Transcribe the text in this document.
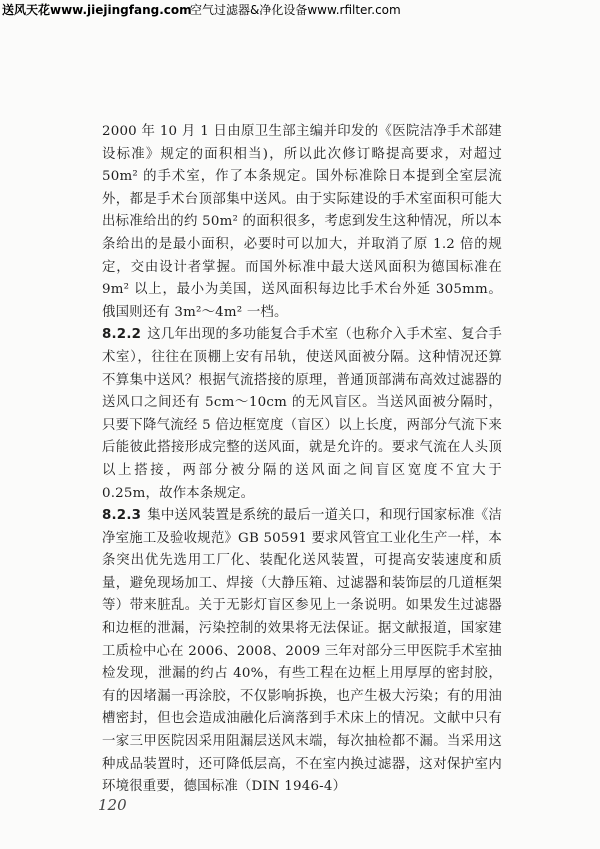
送风天花www.jiejingfang.com
空气过滤器&净化设备www.rfilter.com

2000 年 10 月 1 日由原卫生部主编并印发的《医院洁净手术部建设标准》规定的面积相当)，所以此次修订略提高要求，对超过 50m² 的手术室，作了本条规定。国外标准除日本提到全室层流外，都是手术台顶部集中送风。由于实际建设的手术室面积可能大出标准给出的约 50m² 的面积很多，考虑到发生这种情况，所以本条给出的是最小面积，必要时可以加大，并取消了原 1.2 倍的规定，交由设计者掌握。而国外标准中最大送风面积为德国标准在 9m² 以上，最小为美国，送风面积每边比手术台外延 305mm。俄国则还有 3m²～4m² 一档。

8.2.2 这几年出现的多功能复合手术室（也称介入手术室、复合手术室），往往在顶棚上安有吊轨，使送风面被分隔。这种情况还算不算集中送风？根据气流搭接的原理，普通顶部满布高效过滤器的送风口之间还有 5cm～10cm 的无风盲区。当送风面被分隔时，只要下降气流经 5 倍边框宽度（盲区）以上长度，两部分气流下来后能彼此搭接形成完整的送风面，就是允许的。要求气流在人头顶以上搭接，两部分被分隔的送风面之间盲区宽度不宜大于 0.25m，故作本条规定。

8.2.3 集中送风装置是系统的最后一道关口，和现行国家标准《洁净室施工及验收规范》GB 50591 要求风管宜工业化生产一样，本条突出优先选用工厂化、装配化送风装置，可提高安装速度和质量，避免现场加工、焊接（大静压箱、过滤器和装饰层的几道框架等）带来脏乱。关于无影灯盲区参见上一条说明。如果发生过滤器和边框的泄漏，污染控制的效果将无法保证。据文献报道，国家建工质检中心在 2006、2008、2009 三年对部分三甲医院手术室抽检发现，泄漏的约占 40%，有些工程在边框上用厚厚的密封胶，有的因堵漏一再涂胶，不仅影响拆换，也产生极大污染；有的用油槽密封，但也会造成油融化后滴落到手术床上的情况。文献中只有一家三甲医院因采用阻漏层送风末端，每次抽检都不漏。当采用这种成品装置时，还可降低层高，不在室内换过滤器，这对保护室内环境很重要，德国标准（DIN 1946-4）

120
